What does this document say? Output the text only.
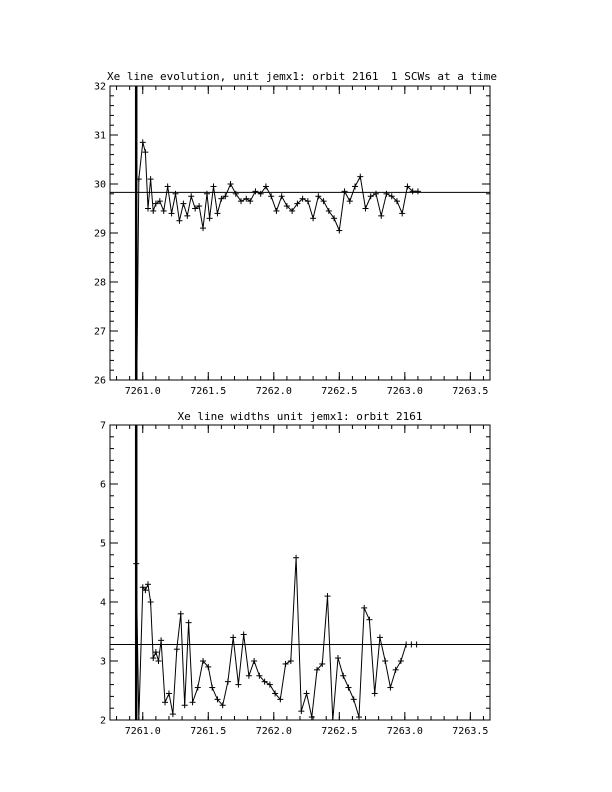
Xe line evolution, unit jemx1: orbit 2161 1 SCWs at a time
26
27
28
29
30
31
32
7261.0	7261.5	7262.0	7262.5	7263.0	7263.5
Xe line widths unit jemx1: orbit 2161
2
3
4
5
6
7
7261.0	7261.5	7262.0	7262.5	7263.0	7263.5
